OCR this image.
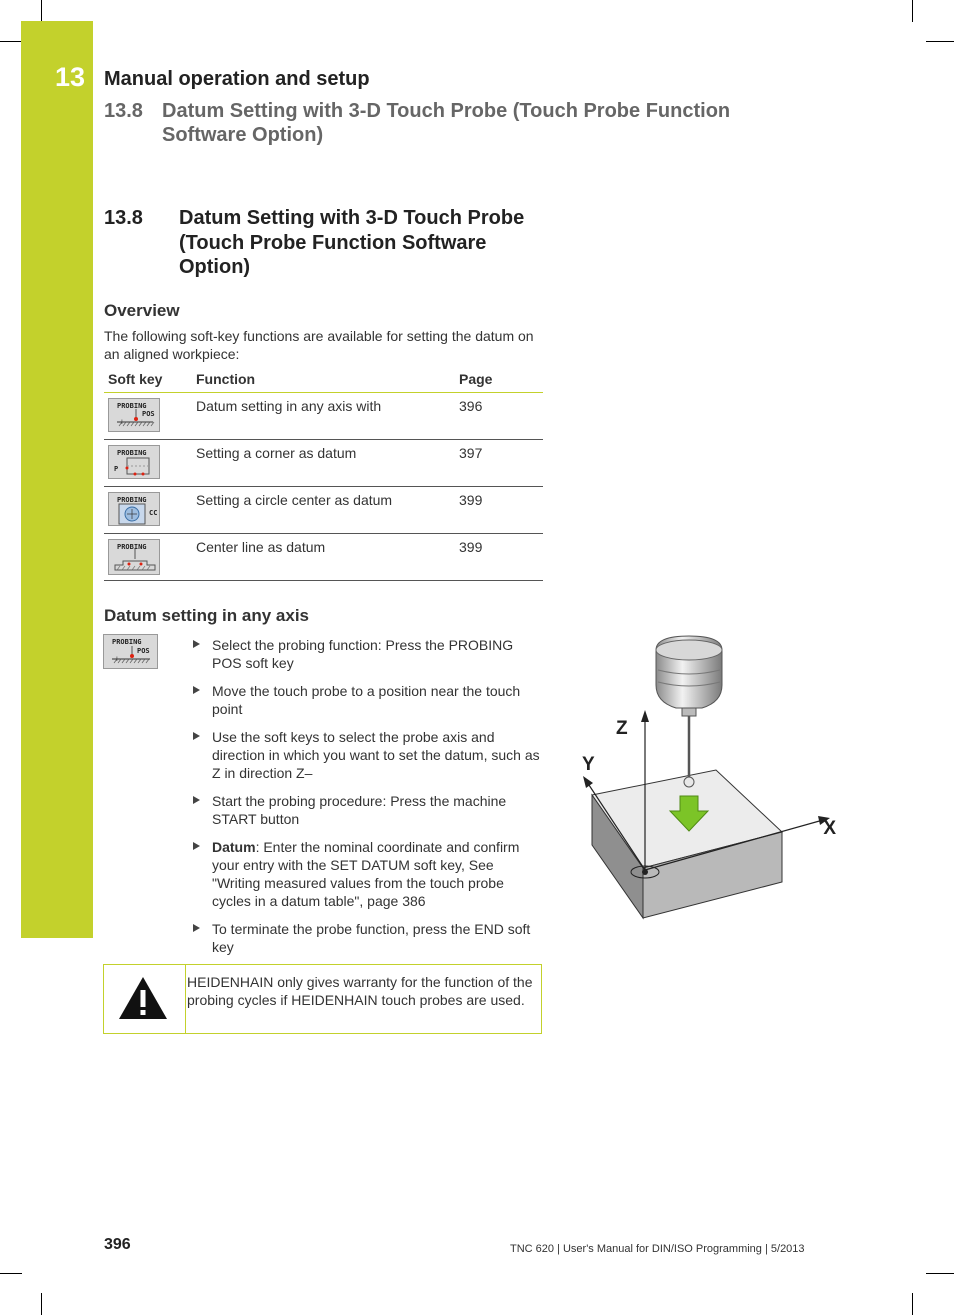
13 Manual operation and setup
13.8 Datum Setting with 3-D Touch Probe (Touch Probe Function Software Option)
13.8 Datum Setting with 3-D Touch Probe (Touch Probe Function Software Option)
Overview
The following soft-key functions are available for setting the datum on an aligned workpiece:
Soft key	Function	Page

PROBING
POS
+	Datum setting in any axis with	396

PROBING
P	Setting a corner as datum	397

PROBING
CC	Setting a circle center as datum	399

PROBING	Center line as datum	399
Datum setting in any axis
PROBING
POS
+
Select the probing function: Press the PROBING POS soft key
Move the touch probe to a position near the touch point
Use the soft keys to select the probe axis and direction in which you want to set the datum, such as Z in direction Z–
Start the probing procedure: Press the machine START button
Datum: Enter the nominal coordinate and confirm your entry with the SET DATUM soft key, See "Writing measured values from the touch probe cycles in a datum table", page 386
To terminate the probe function, press the END soft key
Z
Y
X
HEIDENHAIN only gives warranty for the function of the probing cycles if HEIDENHAIN touch probes are used.
396	TNC 620 | User's Manual for DIN/ISO Programming | 5/2013
